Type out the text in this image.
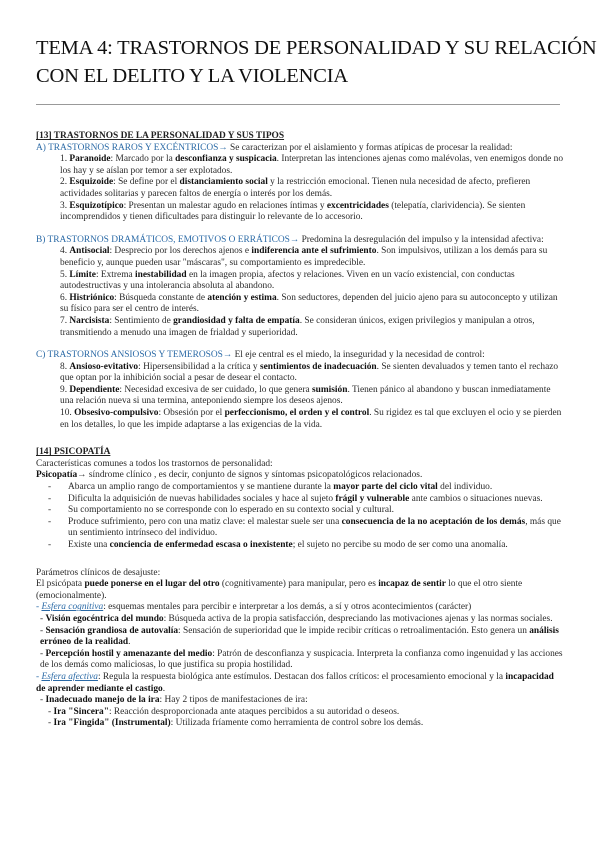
TEMA 4: TRASTORNOS DE PERSONALIDAD Y SU RELACIÓN
CON EL DELITO Y LA VIOLENCIA
[13] TRASTORNOS DE LA PERSONALIDAD Y SUS TIPOS
A) TRASTORNOS RAROS Y EXCÉNTRICOS→ Se caracterizan por el aislamiento y formas atípicas de procesar la realidad:
1. Paranoide: Marcado por la desconfianza y suspicacia. Interpretan las intenciones ajenas como malévolas, ven enemigos donde no los hay y se aíslan por temor a ser explotados.
2. Esquizoide: Se define por el distanciamiento social y la restricción emocional. Tienen nula necesidad de afecto, prefieren actividades solitarias y parecen faltos de energía o interés por los demás.
3. Esquizotípico: Presentan un malestar agudo en relaciones íntimas y excentricidades (telepatía, clarividencia). Se sienten incomprendidos y tienen dificultades para distinguir lo relevante de lo accesorio.
B) TRASTORNOS DRAMÁTICOS, EMOTIVOS O ERRÁTICOS→ Predomina la desregulación del impulso y la intensidad afectiva:
4. Antisocial: Desprecio por los derechos ajenos e indiferencia ante el sufrimiento. Son impulsivos, utilizan a los demás para su beneficio y, aunque pueden usar "máscaras", su comportamiento es impredecible.
5. Límite: Extrema inestabilidad en la imagen propia, afectos y relaciones. Viven en un vacío existencial, con conductas autodestructivas y una intolerancia absoluta al abandono.
6. Histriónico: Búsqueda constante de atención y estima. Son seductores, dependen del juicio ajeno para su autoconcepto y utilizan su físico para ser el centro de interés.
7. Narcisista: Sentimiento de grandiosidad y falta de empatía. Se consideran únicos, exigen privilegios y manipulan a otros, transmitiendo a menudo una imagen de frialdad y superioridad.
C) TRASTORNOS ANSIOSOS Y TEMEROSOS→ El eje central es el miedo, la inseguridad y la necesidad de control:
8. Ansioso-evitativo: Hipersensibilidad a la crítica y sentimientos de inadecuación. Se sienten devaluados y temen tanto el rechazo que optan por la inhibición social a pesar de desear el contacto.
9. Dependiente: Necesidad excesiva de ser cuidado, lo que genera sumisión. Tienen pánico al abandono y buscan inmediatamente una relación nueva si una termina, anteponiendo siempre los deseos ajenos.
10. Obsesivo-compulsivo: Obsesión por el perfeccionismo, el orden y el control. Su rigidez es tal que excluyen el ocio y se pierden en los detalles, lo que les impide adaptarse a las exigencias de la vida.
[14] PSICOPATÍA
Características comunes a todos los trastornos de personalidad:
Psicopatía→ síndrome clínico , es decir, conjunto de signos y síntomas psicopatológicos relacionados.
-	Abarca un amplio rango de comportamientos y se mantiene durante la mayor parte del ciclo vital del individuo.
-	Dificulta la adquisición de nuevas habilidades sociales y hace al sujeto frágil y vulnerable ante cambios o situaciones nuevas.
-	Su comportamiento no se corresponde con lo esperado en su contexto social y cultural.
-	Produce sufrimiento, pero con una matiz clave: el malestar suele ser una consecuencia de la no aceptación de los demás, más que un sentimiento intrínseco del individuo.
-	Existe una conciencia de enfermedad escasa o inexistente; el sujeto no percibe su modo de ser como una anomalía.
Parámetros clínicos de desajuste:
El psicópata puede ponerse en el lugar del otro (cognitivamente) para manipular, pero es incapaz de sentir lo que el otro siente (emocionalmente).
- Esfera cognitiva: esquemas mentales para percibir e interpretar a los demás, a sí y otros acontecimientos (carácter)
- Visión egocéntrica del mundo: Búsqueda activa de la propia satisfacción, despreciando las motivaciones ajenas y las normas sociales.
- Sensación grandiosa de autovalía: Sensación de superioridad que le impide recibir críticas o retroalimentación. Esto genera un análisis erróneo de la realidad.
- Percepción hostil y amenazante del medio: Patrón de desconfianza y suspicacia. Interpreta la confianza como ingenuidad y las acciones de los demás como maliciosas, lo que justifica su propia hostilidad.
- Esfera afectiva: Regula la respuesta biológica ante estímulos. Destacan dos fallos críticos: el procesamiento emocional y la incapacidad de aprender mediante el castigo.
- Inadecuado manejo de la ira: Hay 2 tipos de manifestaciones de ira:
- Ira "Sincera": Reacción desproporcionada ante ataques percibidos a su autoridad o deseos.
- Ira "Fingida" (Instrumental): Utilizada fríamente como herramienta de control sobre los demás.
